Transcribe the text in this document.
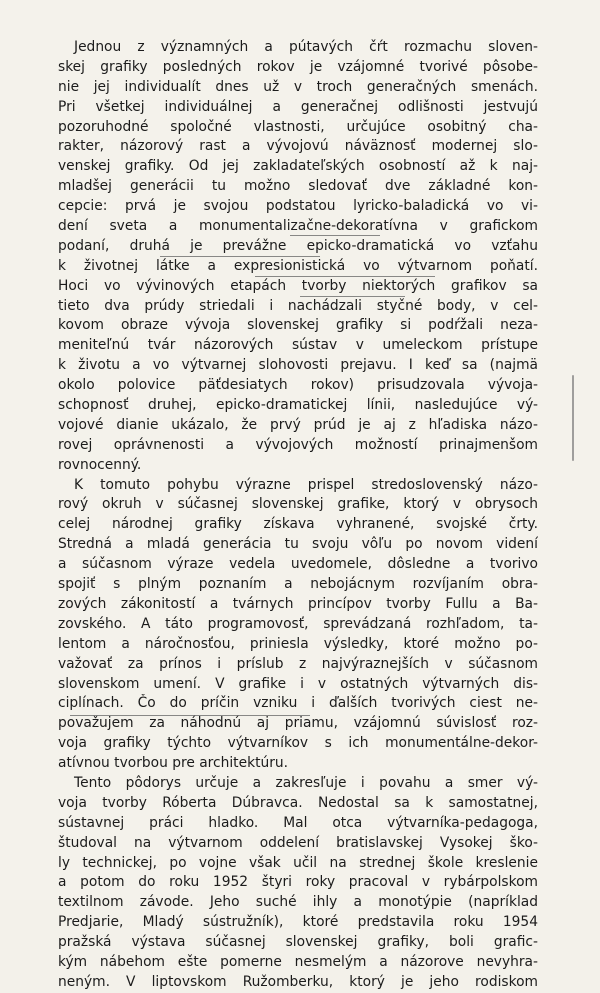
Jednou z významných a pútavých čŕt rozmachu sloven-
skej grafiky posledných rokov je vzájomné tvorivé pôsobe-
nie jej individualít dnes už v troch generačných smenách.
Pri všetkej individuálnej a generačnej odlišnosti jestvujú
pozoruhodné spoločné vlastnosti, určujúce osobitný cha-
rakter, názorový rast a vývojovú náväznosť modernej slo-
venskej grafiky. Od jej zakladateľských osobností až k naj-
mladšej generácii tu možno sledovať dve základné kon-
cepcie: prvá je svojou podstatou lyricko-baladická vo vi-
dení sveta a monumentalizačne-dekoratívna v grafickom
podaní, druhá je prevážne epicko-dramatická vo vzťahu
k životnej látke a expresionistická vo výtvarnom poňatí.
Hoci vo vývinových etapách tvorby niektorých grafikov sa
tieto dva prúdy striedali i nachádzali styčné body, v cel-
kovom obraze vývoja slovenskej grafiky si podŕžali neza-
meniteľnú tvár názorových sústav v umeleckom prístupe
k životu a vo výtvarnej slohovosti prejavu. I keď sa (najmä
okolo polovice päťdesiatych rokov) prisudzovala vývoja-
schopnosť druhej, epicko-dramatickej línii, nasledujúce vý-
vojové dianie ukázalo, že prvý prúd je aj z hľadiska názo-
rovej oprávnenosti a vývojových možností prinajmenšom
rovnocenný.
K tomuto pohybu výrazne prispel stredoslovenský názo-
rový okruh v súčasnej slovenskej grafike, ktorý v obrysoch
celej národnej grafiky získava vyhranené, svojské črty.
Stredná a mladá generácia tu svoju vôľu po novom videní
a súčasnom výraze vedela uvedomele, dôsledne a tvorivo
spojiť s plným poznaním a nebojácnym rozvíjaním obra-
zových zákonitostí a tvárnych princípov tvorby Fullu a Ba-
zovského. A táto programovosť, sprevádzaná rozhľadom, ta-
lentom a náročnosťou, priniesla výsledky, ktoré možno po-
važovať za prínos i príslub z najvýraznejších v súčasnom
slovenskom umení. V grafike i v ostatných výtvarných dis-
ciplínach. Čo do príčin vzniku i ďalších tvorivých ciest ne-
považujem za náhodnú aj priamu, vzájomnú súvislosť roz-
voja grafiky týchto výtvarníkov s ich monumentálne-dekor-
atívnou tvorbou pre architektúru.
Tento pôdorys určuje a zakresľuje i povahu a smer vý-
voja tvorby Róberta Dúbravca. Nedostal sa k samostatnej,
sústavnej práci hladko. Mal otca výtvarníka-pedagoga,
študoval na výtvarnom oddelení bratislavskej Vysokej ško-
ly technickej, po vojne však učil na strednej škole kreslenie
a potom do roku 1952 štyri roky pracoval v rybárpolskom
textilnom závode. Jeho suché ihly a monotýpie (napríklad
Predjarie, Mladý sústružník), ktoré predstavila roku 1954
pražská výstava súčasnej slovenskej grafiky, boli grafic-
kým nábehom ešte pomerne nesmelým a názorove nevyhra-
neným. V liptovskom Ružomberku, ktorý je jeho rodiskom
